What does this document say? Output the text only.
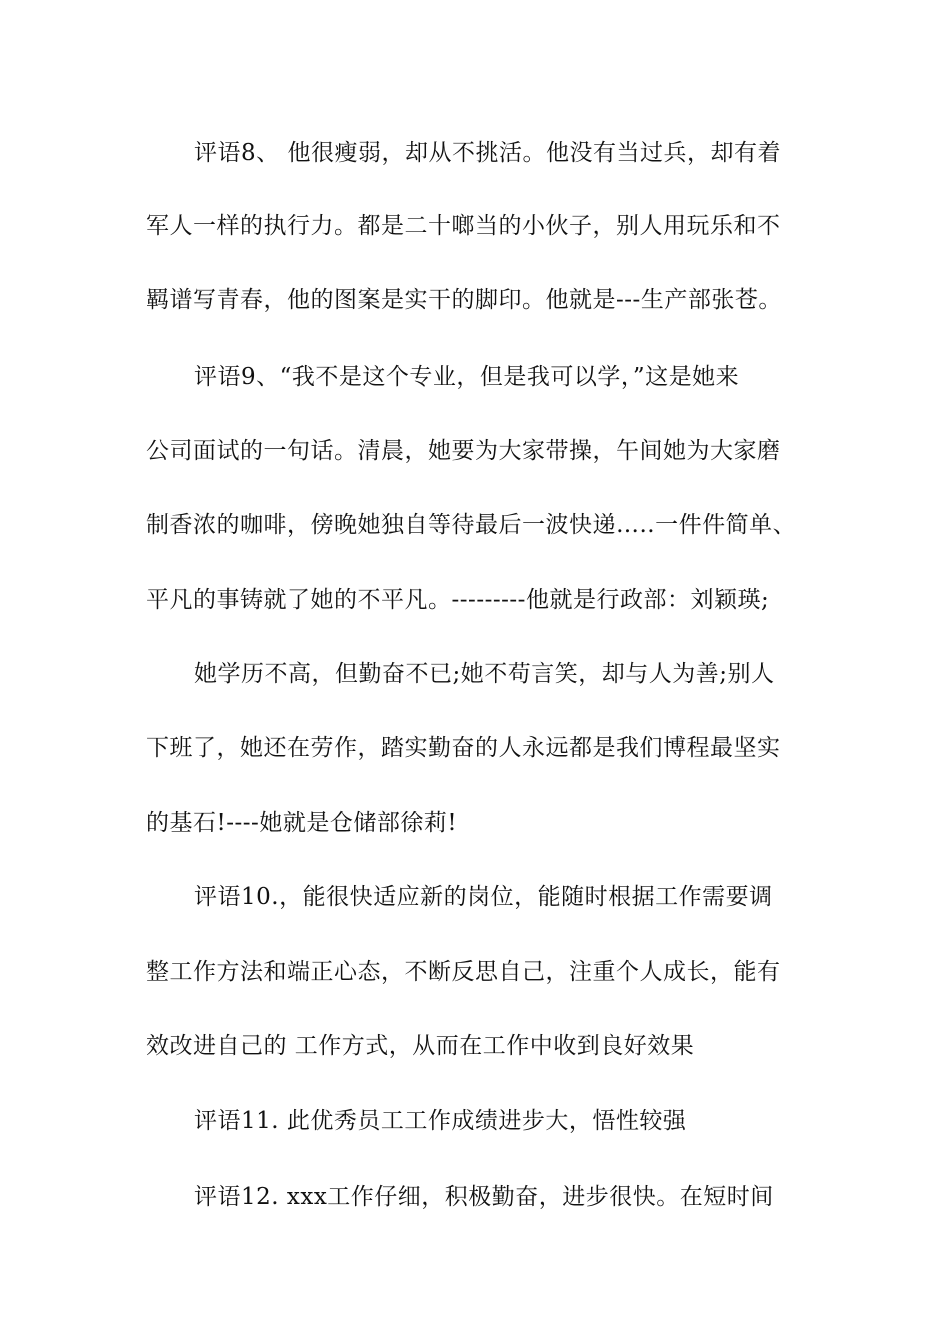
评语8、 他很瘦弱，却从不挑活。他没有当过兵，却有着
军人一样的执行力。都是二十啷当的小伙子，别人用玩乐和不
羁谱写青春，他的图案是实干的脚印。他就是---生产部张苍。
评语9、“我不是这个专业，但是我可以学，”这是她来
公司面试的一句话。清晨，她要为大家带操，午间她为大家磨
制香浓的咖啡，傍晚她独自等待最后一波快递…..一件件简单、
平凡的事铸就了她的不平凡。---------他就是行政部：刘颖瑛;
她学历不高，但勤奋不已;她不苟言笑，却与人为善;别人
下班了，她还在劳作，踏实勤奋的人永远都是我们博程最坚实
的基石!----她就是仓储部徐莉!
评语10.，能很快适应新的岗位，能随时根据工作需要调
整工作方法和端正心态，不断反思自己，注重个人成长，能有
效改进自己的 工作方式，从而在工作中收到良好效果
评语11. 此优秀员工工作成绩进步大，悟性较强
评语12. xxx工作仔细，积极勤奋，进步很快。在短时间
